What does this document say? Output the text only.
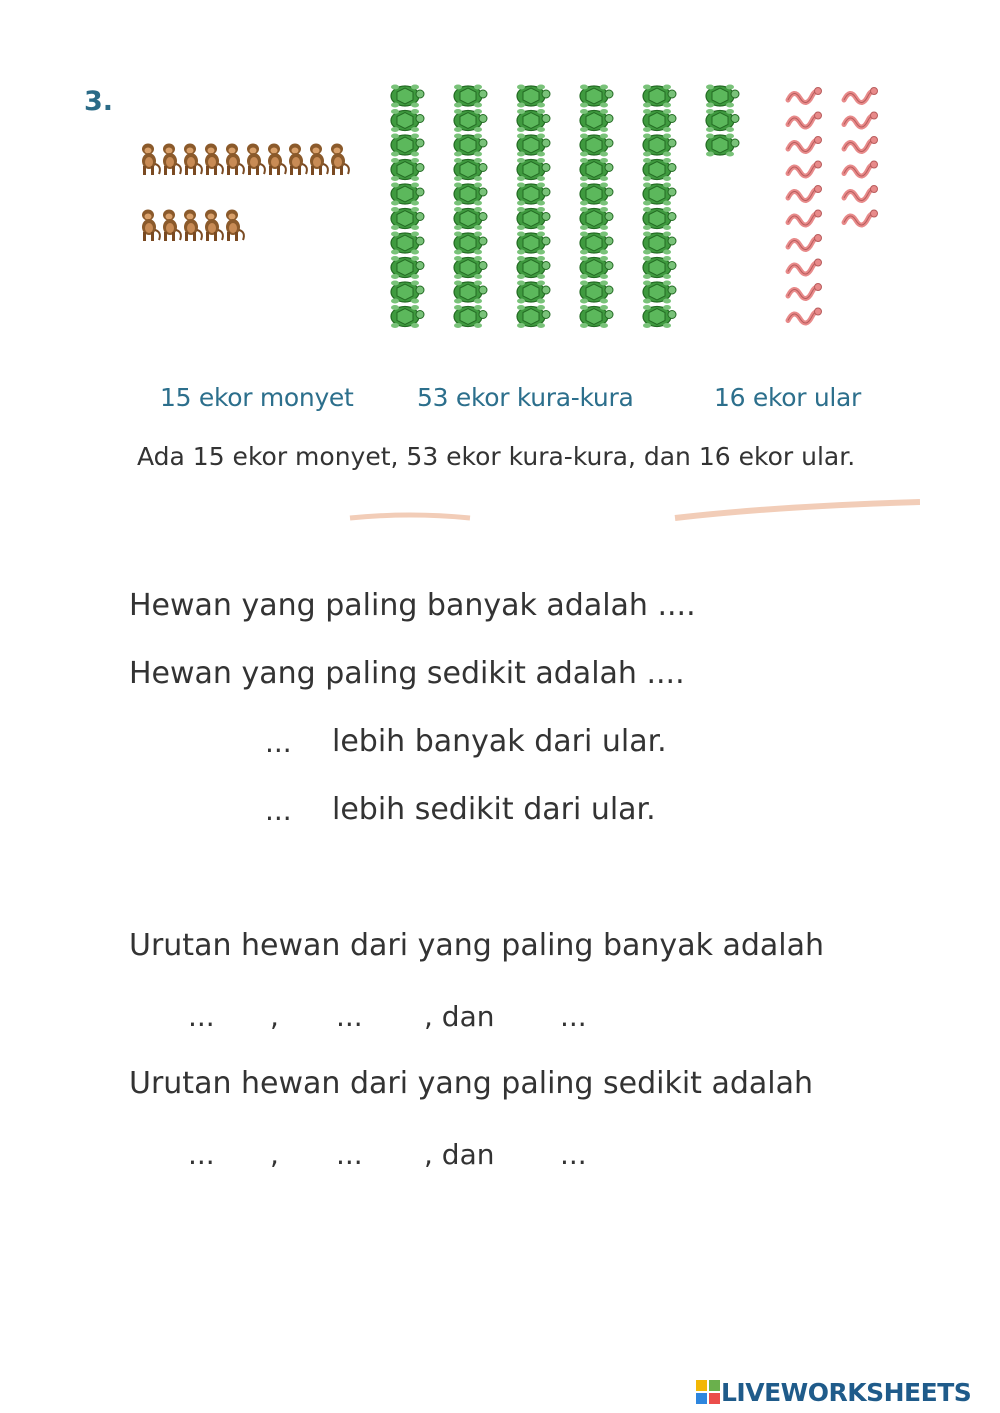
3.
15 ekor monyet	53 ekor kura-kura	16 ekor ular
Ada 15 ekor monyet, 53 ekor kura-kura, dan 16 ekor ular.
Hewan yang paling banyak adalah ....
Hewan yang paling sedikit adalah ....
... lebih banyak dari ular.
... lebih sedikit dari ular.
Urutan hewan dari yang paling banyak adalah
... , ... , dan ...
Urutan hewan dari yang paling sedikit adalah
... , ... , dan ...
LIVEWORKSHEETS
